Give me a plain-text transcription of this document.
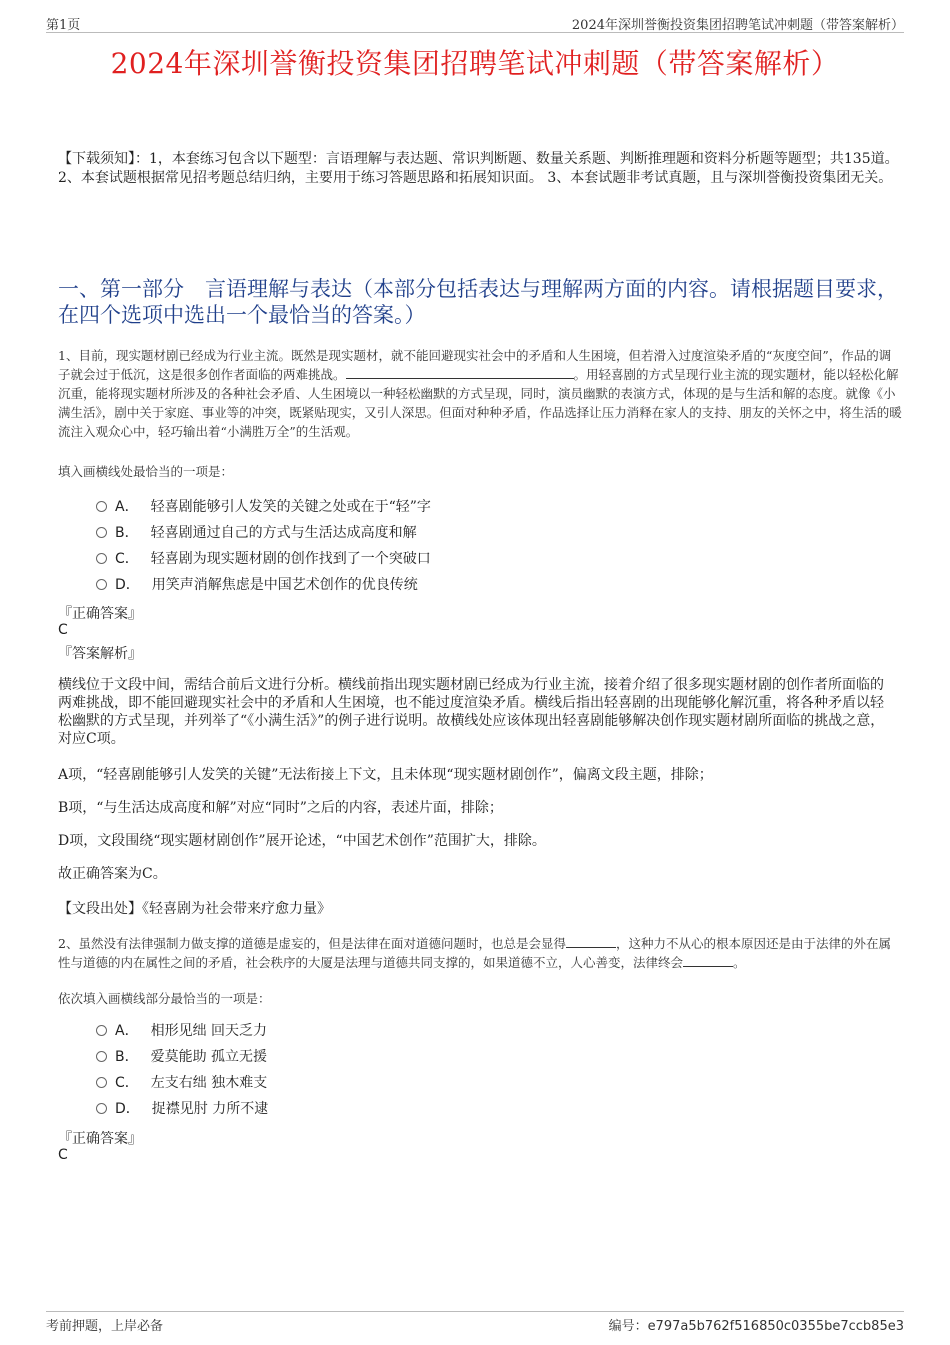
第1页	2024年深圳誉衡投资集团招聘笔试冲刺题（带答案解析）
2024年深圳誉衡投资集团招聘笔试冲刺题（带答案解析）
【下载须知】：1，本套练习包含以下题型：言语理解与表达题、常识判断题、数量关系题、判断推理题和资料分析题等题型；共135道。 2、本套试题根据常见招考题总结归纳，主要用于练习答题思路和拓展知识面。 3、本套试题非考试真题，且与深圳誉衡投资集团无关。
一、第一部分　言语理解与表达（本部分包括表达与理解两方面的内容。请根据题目要求，在四个选项中选出一个最恰当的答案。）
1、目前，现实题材剧已经成为行业主流。既然是现实题材，就不能回避现实社会中的矛盾和人生困境，但若滑入过度渲染矛盾的“灰度空间”，作品的调子就会过于低沉，这是很多创作者面临的两难挑战。	。用轻喜剧的方式呈现行业主流的现实题材，能以轻松化解沉重，能将现实题材所涉及的各种社会矛盾、人生困境以一种轻松幽默的方式呈现，同时，演员幽默的表演方式，体现的是与生活和解的态度。就像《小满生活》，剧中关于家庭、事业等的冲突，既紧贴现实，又引人深思。但面对种种矛盾，作品选择让压力消释在家人的支持、朋友的关怀之中，将生活的暖流注入观众心中，轻巧输出着“小满胜万全”的生活观。
填入画横线处最恰当的一项是：
A． 轻喜剧能够引人发笑的关键之处或在于“轻”字
B． 轻喜剧通过自己的方式与生活达成高度和解
C． 轻喜剧为现实题材剧的创作找到了一个突破口
D． 用笑声消解焦虑是中国艺术创作的优良传统
『正确答案』
C
『答案解析』
横线位于文段中间，需结合前后文进行分析。横线前指出现实题材剧已经成为行业主流，接着介绍了很多现实题材剧的创作者所面临的两难挑战，即不能回避现实社会中的矛盾和人生困境，也不能过度渲染矛盾。横线后指出轻喜剧的出现能够化解沉重，将各种矛盾以轻松幽默的方式呈现，并列举了“《小满生活》”的例子进行说明。故横线处应该体现出轻喜剧能够解决创作现实题材剧所面临的挑战之意，对应C项。
A项，“轻喜剧能够引人发笑的关键”无法衔接上下文，且未体现“现实题材剧创作”，偏离文段主题，排除；
B项，“与生活达成高度和解”对应“同时”之后的内容，表述片面，排除；
D项，文段围绕“现实题材剧创作”展开论述，“中国艺术创作”范围扩大，排除。
故正确答案为C。
【文段出处】《轻喜剧为社会带来疗愈力量》
2、虽然没有法律强制力做支撑的道德是虚妄的，但是法律在面对道德问题时，也总是会显得	，这种力不从心的根本原因还是由于法律的外在属性与道德的内在属性之间的矛盾，社会秩序的大厦是法理与道德共同支撑的，如果道德不立，人心善变，法律终会	。
依次填入画横线部分最恰当的一项是：
A． 相形见绌 回天乏力
B． 爱莫能助 孤立无援
C． 左支右绌 独木难支
D． 捉襟见肘 力所不逮
『正确答案』
C
考前押题，上岸必备	编号：e797a5b762f516850c0355be7ccb85e3
